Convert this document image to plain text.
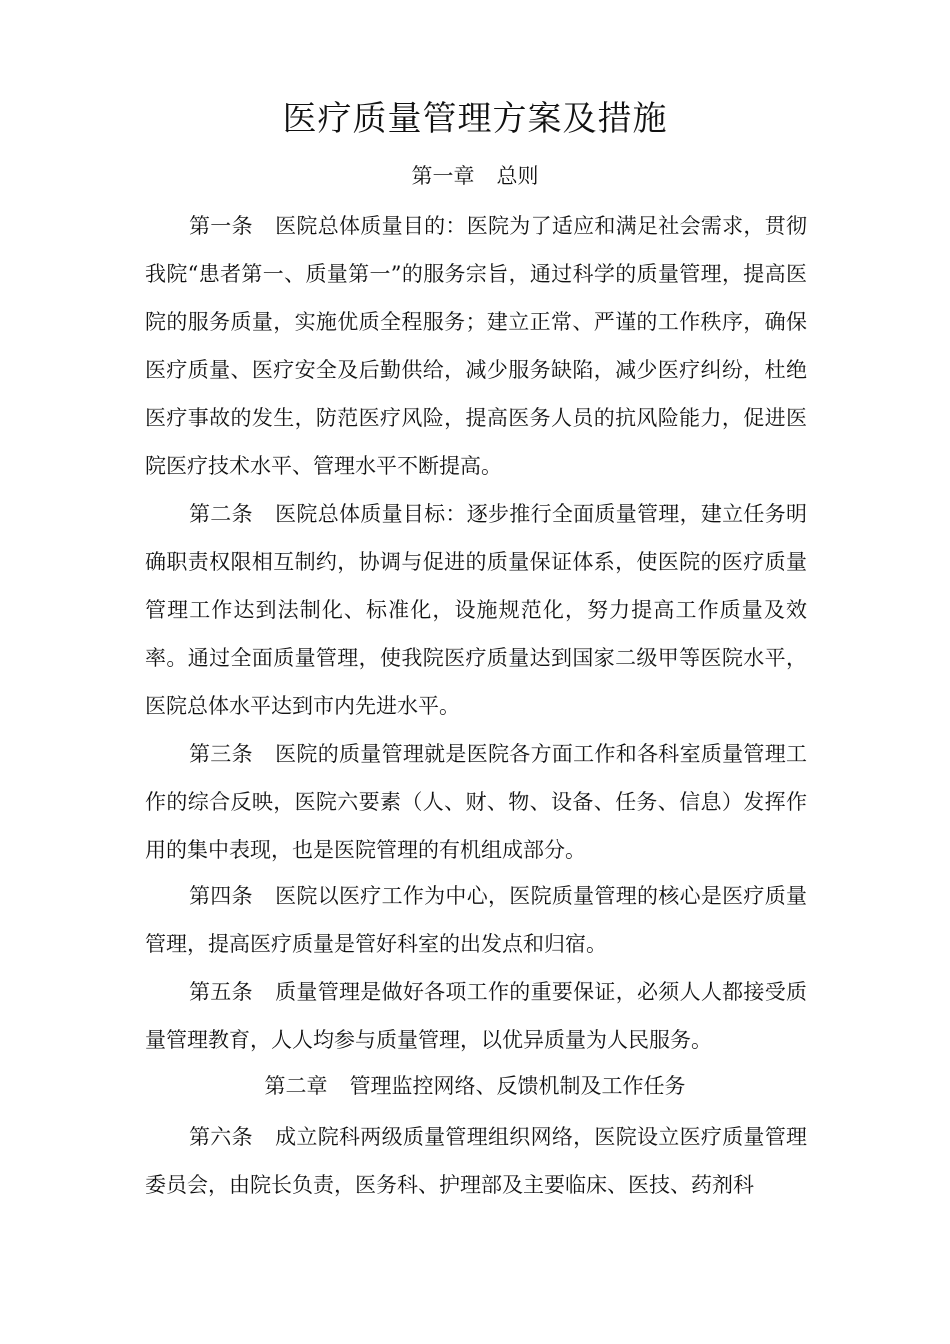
医疗质量管理方案及措施
第一章 总则
第一条 医院总体质量目的：医院为了适应和满足社会需求，贯彻我院“患者第一、质量第一”的服务宗旨，通过科学的质量管理，提高医院的服务质量，实施优质全程服务；建立正常、严谨的工作秩序，确保医疗质量、医疗安全及后勤供给，减少服务缺陷，减少医疗纠纷，杜绝医疗事故的发生，防范医疗风险，提高医务人员的抗风险能力，促进医院医疗技术水平、管理水平不断提高。
第二条 医院总体质量目标：逐步推行全面质量管理，建立任务明确职责权限相互制约，协调与促进的质量保证体系，使医院的医疗质量管理工作达到法制化、标准化，设施规范化，努力提高工作质量及效率。通过全面质量管理，使我院医疗质量达到国家二级甲等医院水平，医院总体水平达到市内先进水平。
第三条 医院的质量管理就是医院各方面工作和各科室质量管理工作的综合反映，医院六要素（人、财、物、设备、任务、信息）发挥作用的集中表现，也是医院管理的有机组成部分。
第四条 医院以医疗工作为中心，医院质量管理的核心是医疗质量管理，提高医疗质量是管好科室的出发点和归宿。
第五条 质量管理是做好各项工作的重要保证，必须人人都接受质量管理教育，人人均参与质量管理，以优异质量为人民服务。
第二章 管理监控网络、反馈机制及工作任务
第六条 成立院科两级质量管理组织网络，医院设立医疗质量管理委员会，由院长负责，医务科、护理部及主要临床、医技、药剂科
